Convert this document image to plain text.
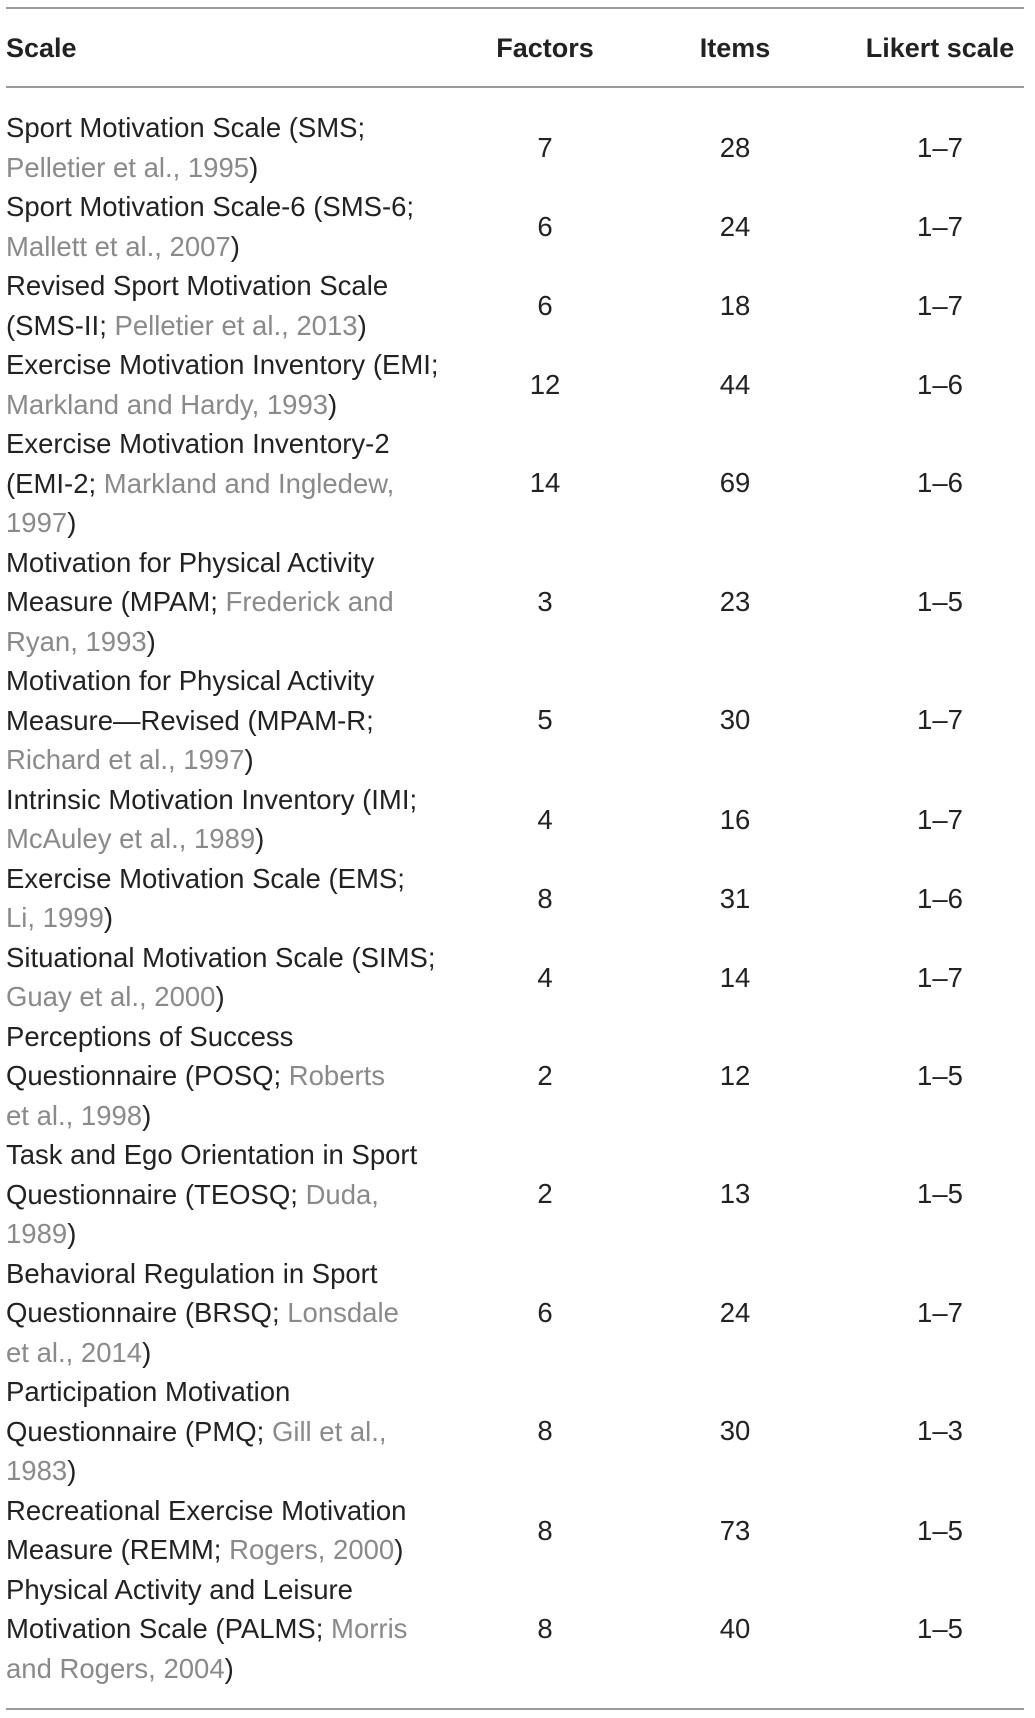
Scale	Factors	Items	Likert scale
Sport Motivation Scale (SMS;
Pelletier et al., 1995)
7	28	1–7
Sport Motivation Scale-6 (SMS-6;
Mallett et al., 2007)
6	24	1–7
Revised Sport Motivation Scale
(SMS-II; Pelletier et al., 2013)
6	18	1–7
Exercise Motivation Inventory (EMI;
Markland and Hardy, 1993)
12	44	1–6
Exercise Motivation Inventory-2
(EMI-2; Markland and Ingledew,
1997)
14	69	1–6
Motivation for Physical Activity
Measure (MPAM; Frederick and
Ryan, 1993)
3	23	1–5
Motivation for Physical Activity
Measure—Revised (MPAM-R;
Richard et al., 1997)
5	30	1–7
Intrinsic Motivation Inventory (IMI;
McAuley et al., 1989)
4	16	1–7
Exercise Motivation Scale (EMS;
Li, 1999)
8	31	1–6
Situational Motivation Scale (SIMS;
Guay et al., 2000)
4	14	1–7
Perceptions of Success
Questionnaire (POSQ; Roberts
et al., 1998)
2	12	1–5
Task and Ego Orientation in Sport
Questionnaire (TEOSQ; Duda,
1989)
2	13	1–5
Behavioral Regulation in Sport
Questionnaire (BRSQ; Lonsdale
et al., 2014)
6	24	1–7
Participation Motivation
Questionnaire (PMQ; Gill et al.,
1983)
8	30	1–3
Recreational Exercise Motivation
Measure (REMM; Rogers, 2000)
8	73	1–5
Physical Activity and Leisure
Motivation Scale (PALMS; Morris
and Rogers, 2004)
8	40	1–5
